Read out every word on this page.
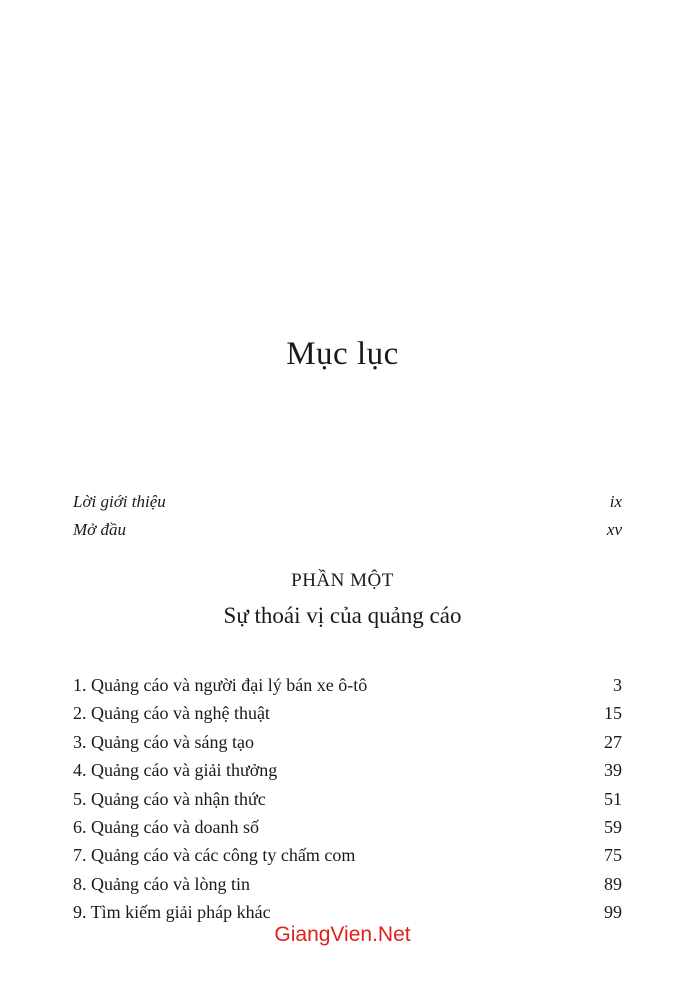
Mục lục
Lời giới thiệu	ix
Mở đầu	xv
PHẦN MỘT
Sự thoái vị của quảng cáo
1. Quảng cáo và người đại lý bán xe ô-tô	3
2. Quảng cáo và nghệ thuật	15
3. Quảng cáo và sáng tạo	27
4. Quảng cáo và giải thưởng	39
5. Quảng cáo và nhận thức	51
6. Quảng cáo và doanh số	59
7. Quảng cáo và các công ty chấm com	75
8. Quảng cáo và lòng tin	89
9. Tìm kiếm giải pháp khác	99
GiangVien.Net
